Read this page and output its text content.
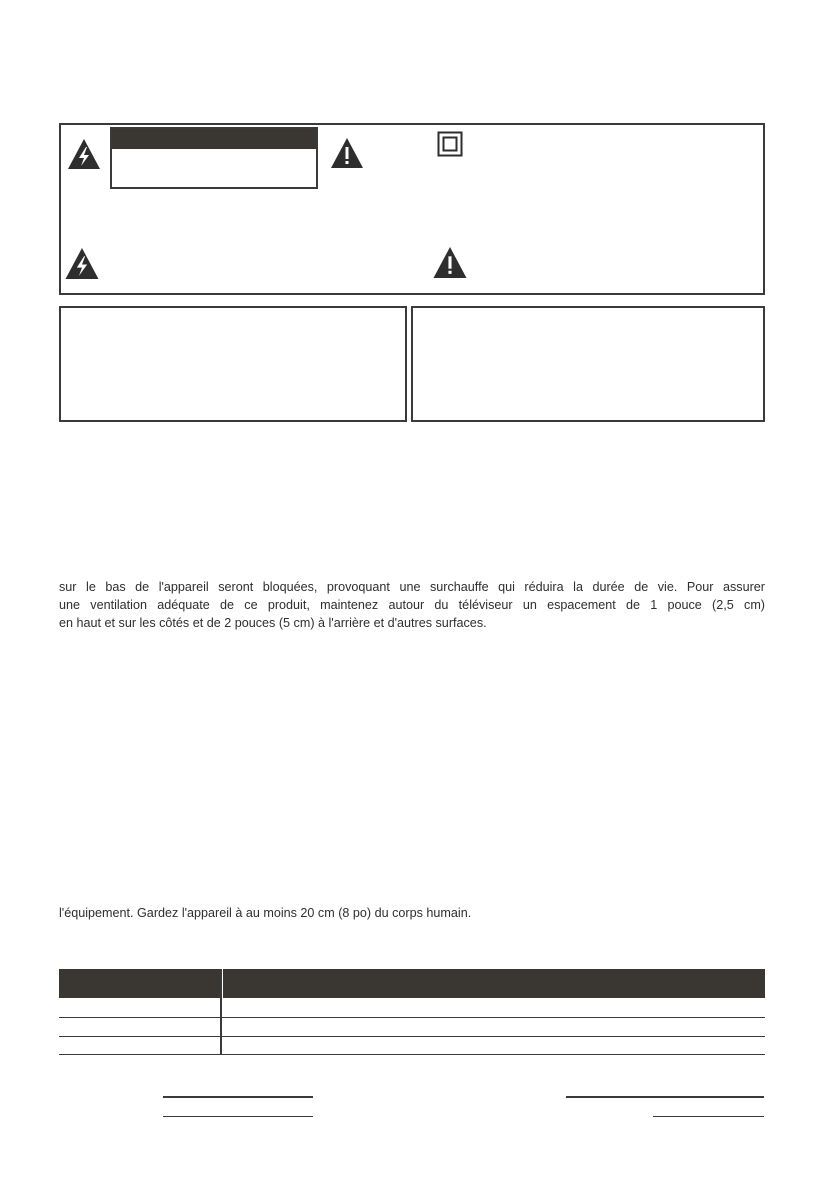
sur le bas de l'appareil seront bloquées, provoquant une surchauffe qui réduira la durée de vie. Pour assurer
une ventilation adéquate de ce produit, maintenez autour du téléviseur un espacement de 1 pouce (2,5 cm)
en haut et sur les côtés et de 2 pouces (5 cm) à l'arrière et d'autres surfaces.
l'équipement. Gardez l'appareil à au moins 20 cm (8 po) du corps humain.
